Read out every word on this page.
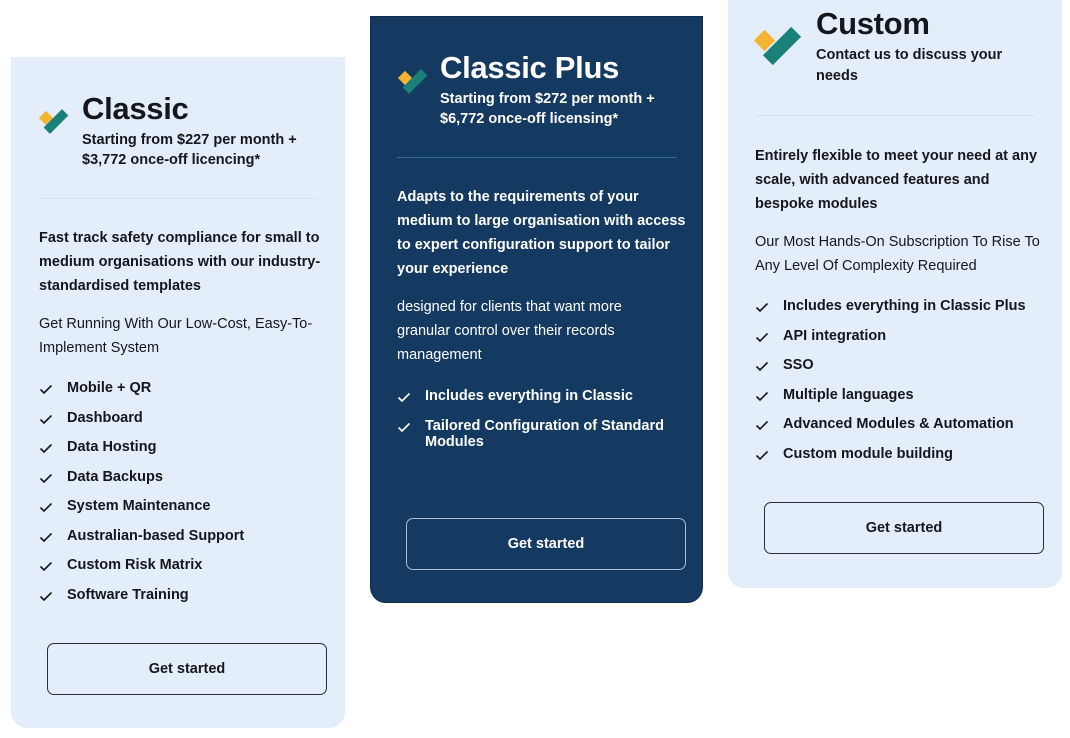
Classic
Starting from $227 per month +
$3,772 once-off licencing*
Fast track safety compliance for small to medium organisations with our industry-standardised templates
Get Running With Our Low-Cost, Easy-To-Implement System
Mobile + QR
Dashboard
Data Hosting
Data Backups
System Maintenance
Australian-based Support
Custom Risk Matrix
Software Training
Get started
Classic Plus
Starting from $272 per month +
$6,772 once-off licensing*
Adapts to the requirements of your medium to large organisation with access to expert configuration support to tailor your experience
designed for clients that want more granular control over their records management
Includes everything in Classic
Tailored Configuration of Standard Modules
Get started
Custom
Contact us to discuss your
needs
Entirely flexible to meet your need at any scale, with advanced features and bespoke modules
Our Most Hands-On Subscription To Rise To Any Level Of Complexity Required
Includes everything in Classic Plus
API integration
SSO
Multiple languages
Advanced Modules & Automation
Custom module building
Get started
